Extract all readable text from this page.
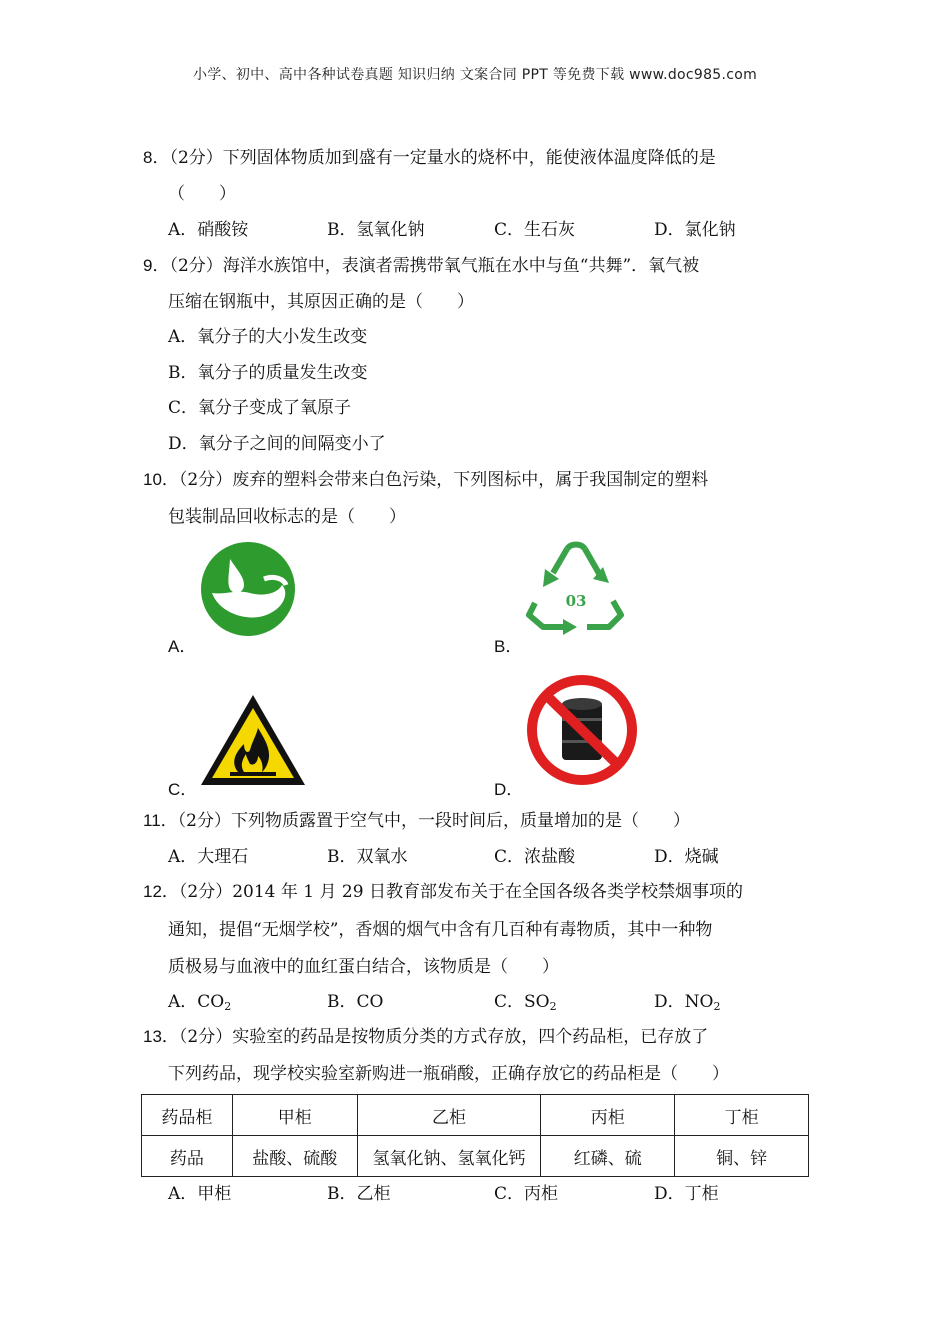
小学、初中、高中各种试卷真题 知识归纳 文案合同 PPT 等免费下载 www.doc985.com
8．（2分）下列固体物质加到盛有一定量水的烧杯中，能使液体温度降低的是
（　　）
A．硝酸铵	B．氢氧化钠	C．生石灰	D．氯化钠
9．（2分）海洋水族馆中，表演者需携带氧气瓶在水中与鱼“共舞”．氧气被
压缩在钢瓶中，其原因正确的是（　　）
A．氧分子的大小发生改变
B．氧分子的质量发生改变
C．氧分子变成了氧原子
D．氧分子之间的间隔变小了
10．（2分）废弃的塑料会带来白色污染，下列图标中，属于我国制定的塑料
包装制品回收标志的是（　　）
A．
03
B．
C．	D．
11．（2分）下列物质露置于空气中，一段时间后，质量增加的是（　　）
A．大理石	B．双氧水	C．浓盐酸	D．烧碱
12．（2分）2014 年 1 月 29 日教育部发布关于在全国各级各类学校禁烟事项的
通知，提倡“无烟学校”，香烟的烟气中含有几百种有毒物质，其中一种物
质极易与血液中的血红蛋白结合，该物质是（　　）
A．$CO_2$	B．CO	C．$SO_2$	D．$NO_2$
13．（2分）实验室的药品是按物质分类的方式存放，四个药品柜，已存放了
下列药品，现学校实验室新购进一瓶硝酸，正确存放它的药品柜是（　　）
药品柜	甲柜	乙柜	丙柜	丁柜
药品	盐酸、硫酸	氢氧化钠、氢氧化钙	红磷、硫	铜、锌
A．甲柜	B．乙柜	C．丙柜	D．丁柜
